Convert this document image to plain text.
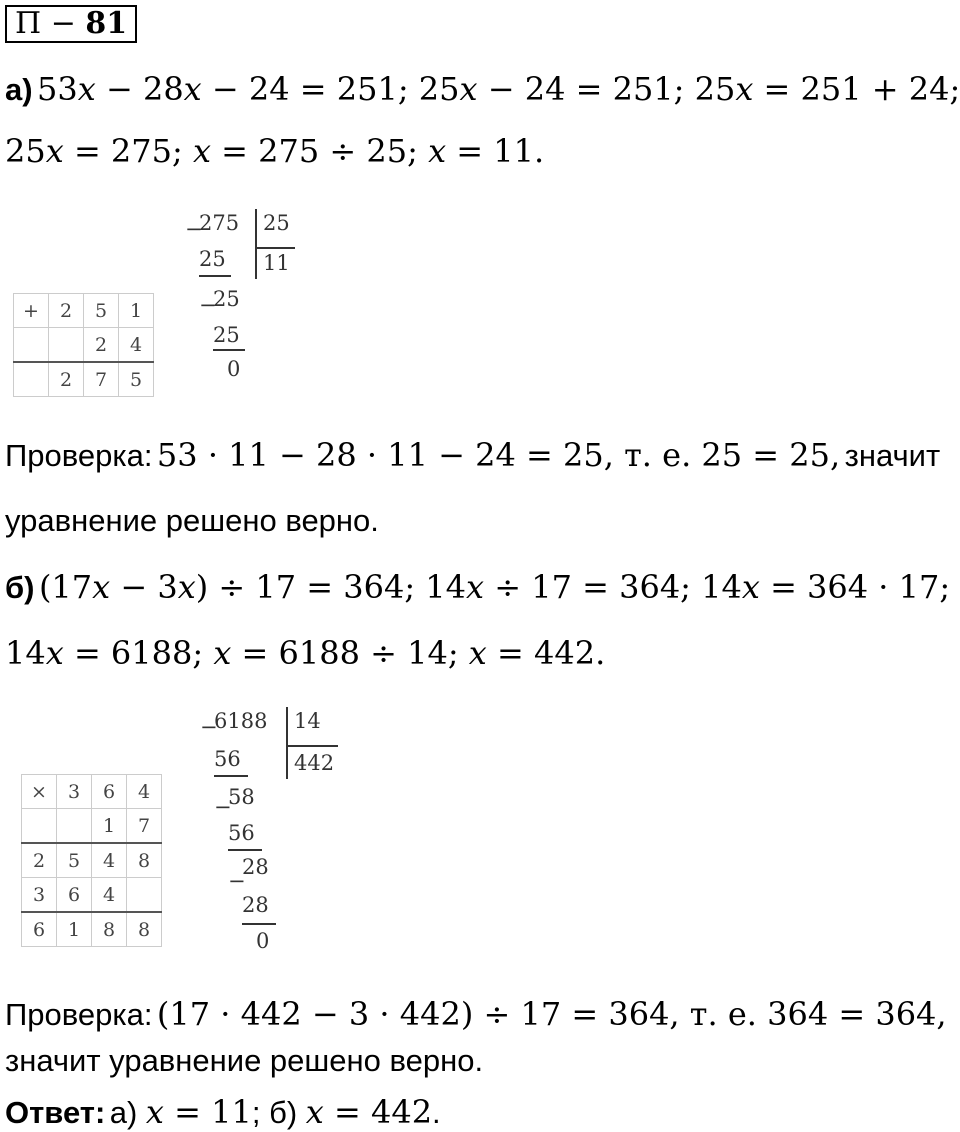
П − 81
а) 53𝑥 − 28𝑥 − 24 = 251; 25𝑥 − 24 = 251; 25𝑥 = 251 + 24;
25𝑥 = 275; 𝑥 = 275 ÷ 25; 𝑥 = 11.
+	2	5	1
		2	4
	2	7	5
−
275 25
11
25
−
25
25
0
Проверка: 53 · 11 − 28 · 11 − 24 = 25, т. е. 25 = 25, значит
уравнение решено верно.
б) (17𝑥 − 3𝑥) ÷ 17 = 364; 14𝑥 ÷ 17 = 364; 14𝑥 = 364 · 17;
14𝑥 = 6188; 𝑥 = 6188 ÷ 14; 𝑥 = 442.
×	3	6	4
		1	7
2	5	4	8
3	6	4	
6	1	8	8
−
6188 14
442
56
−
58
56
−
28
28
0
Проверка: (17 · 442 − 3 · 442) ÷ 17 = 364, т. е. 364 = 364,
значит уравнение решено верно.
Ответ: а) 𝑥 = 11; б) 𝑥 = 442.
